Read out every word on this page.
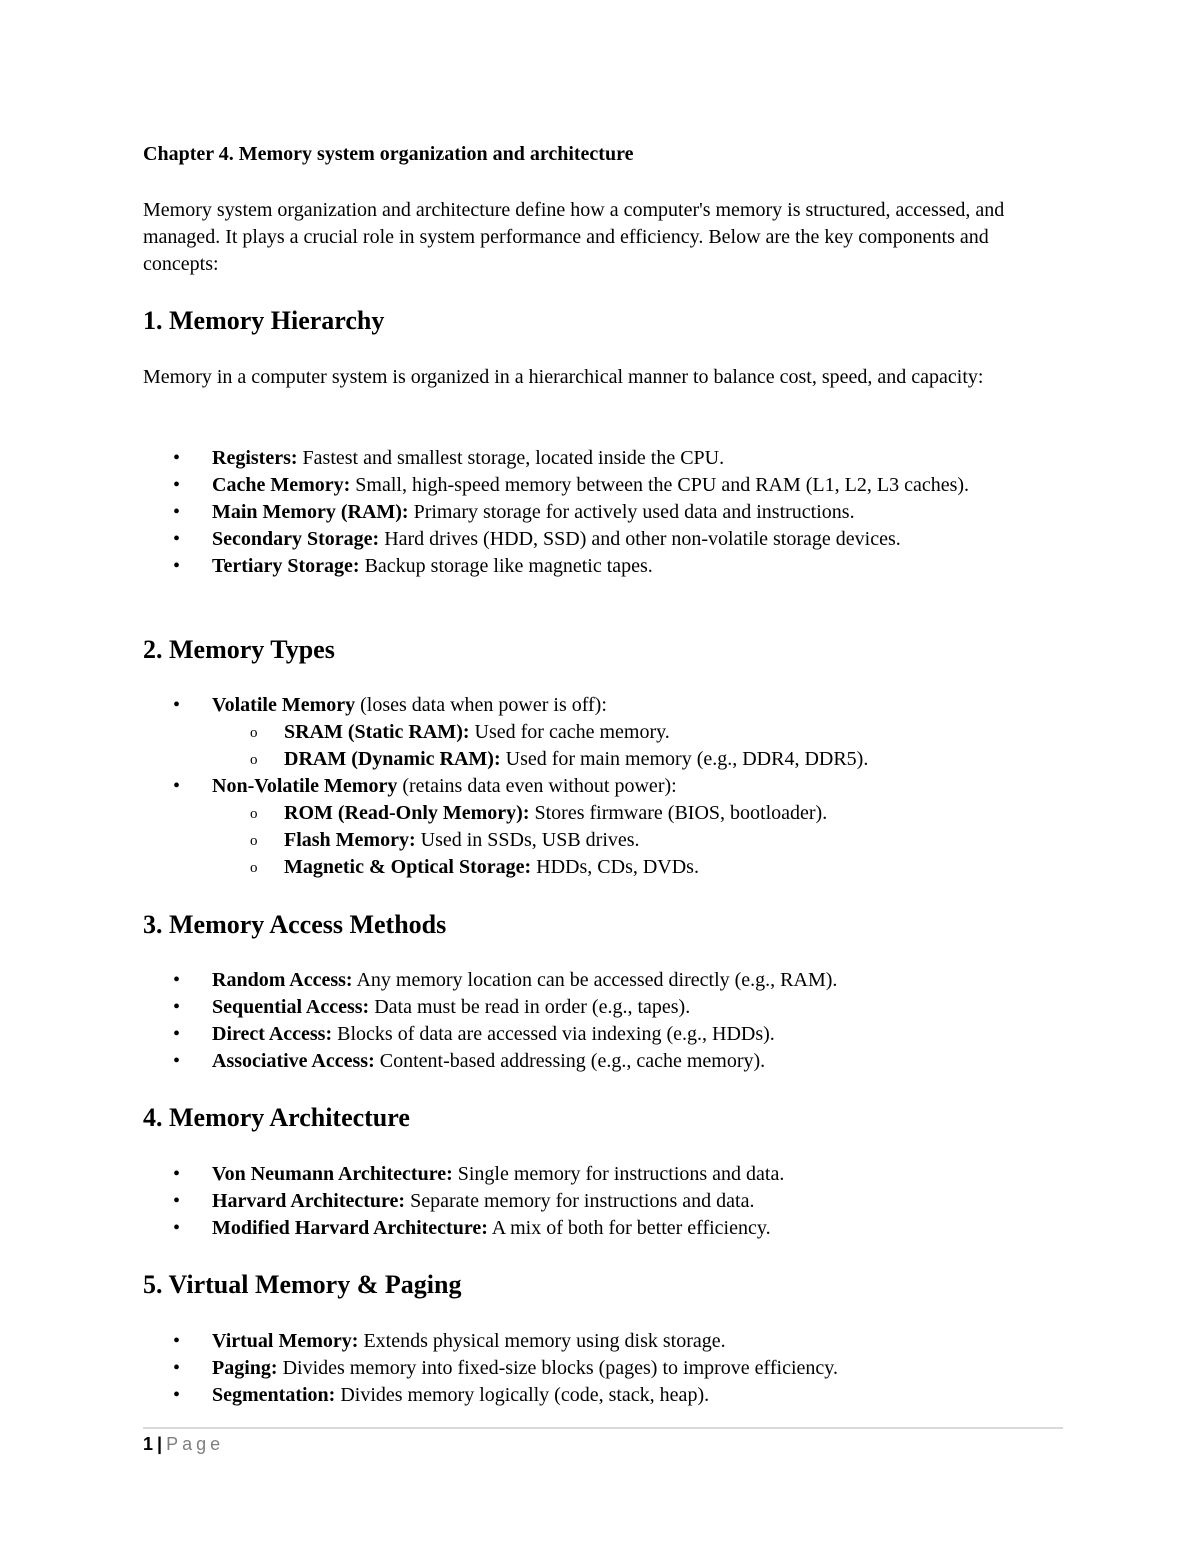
Chapter 4. Memory system organization and architecture

Memory system organization and architecture define how a computer's memory is structured, accessed, and managed. It plays a crucial role in system performance and efficiency. Below are the key components and concepts:

1. Memory Hierarchy

Memory in a computer system is organized in a hierarchical manner to balance cost, speed, and capacity:

• Registers: Fastest and smallest storage, located inside the CPU.
• Cache Memory: Small, high-speed memory between the CPU and RAM (L1, L2, L3 caches).
• Main Memory (RAM): Primary storage for actively used data and instructions.
• Secondary Storage: Hard drives (HDD, SSD) and other non-volatile storage devices.
• Tertiary Storage: Backup storage like magnetic tapes.
2. Memory Types
• Volatile Memory (loses data when power is off):
o SRAM (Static RAM): Used for cache memory.
o DRAM (Dynamic RAM): Used for main memory (e.g., DDR4, DDR5).
• Non-Volatile Memory (retains data even without power):
o ROM (Read-Only Memory): Stores firmware (BIOS, bootloader).
o Flash Memory: Used in SSDs, USB drives.
o Magnetic & Optical Storage: HDDs, CDs, DVDs.
3. Memory Access Methods
• Random Access: Any memory location can be accessed directly (e.g., RAM).
• Sequential Access: Data must be read in order (e.g., tapes).
• Direct Access: Blocks of data are accessed via indexing (e.g., HDDs).
• Associative Access: Content-based addressing (e.g., cache memory).
4. Memory Architecture
• Von Neumann Architecture: Single memory for instructions and data.
• Harvard Architecture: Separate memory for instructions and data.
• Modified Harvard Architecture: A mix of both for better efficiency.
5. Virtual Memory & Paging
• Virtual Memory: Extends physical memory using disk storage.
• Paging: Divides memory into fixed-size blocks (pages) to improve efficiency.
• Segmentation: Divides memory logically (code, stack, heap).
1 | Page
